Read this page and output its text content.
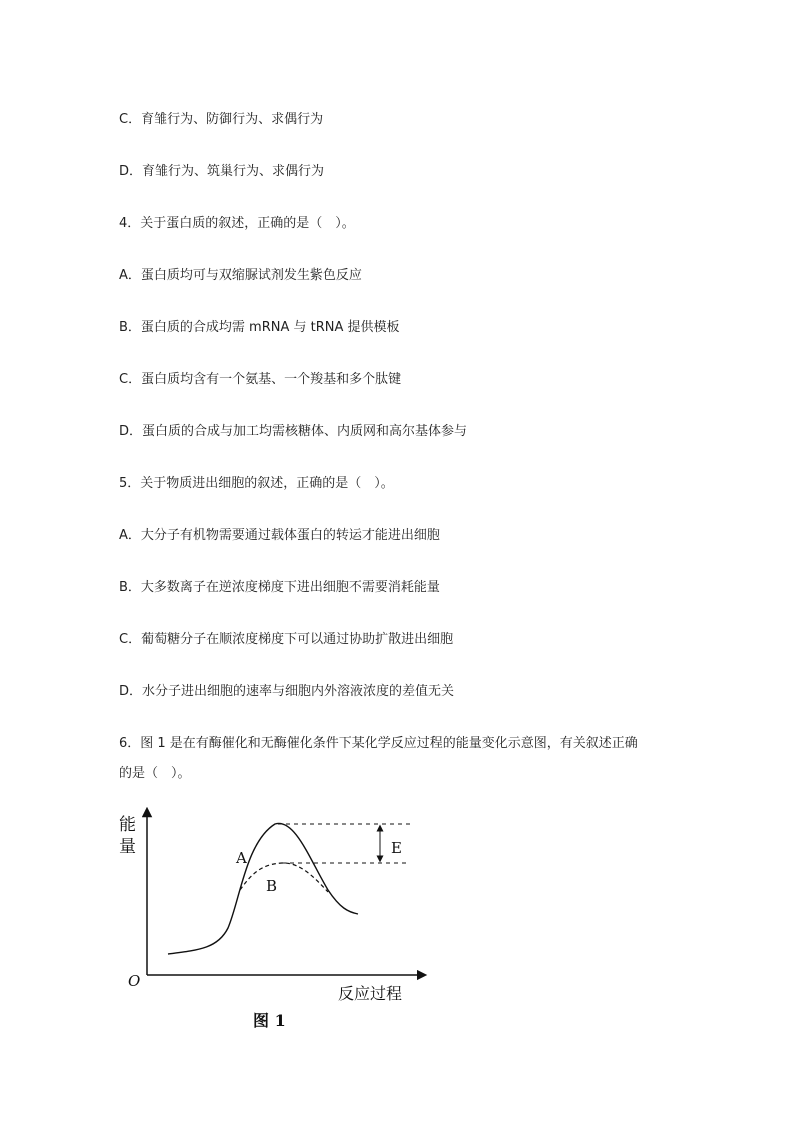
C．育雏行为、防御行为、求偶行为
D．育雏行为、筑巢行为、求偶行为
4．关于蛋白质的叙述，正确的是（　）。
A．蛋白质均可与双缩脲试剂发生紫色反应
B．蛋白质的合成均需 mRNA 与 tRNA 提供模板
C．蛋白质均含有一个氨基、一个羧基和多个肽键
D．蛋白质的合成与加工均需核糖体、内质网和高尔基体参与
5．关于物质进出细胞的叙述，正确的是（　）。
A．大分子有机物需要通过载体蛋白的转运才能进出细胞
B．大多数离子在逆浓度梯度下进出细胞不需要消耗能量
C．葡萄糖分子在顺浓度梯度下可以通过协助扩散进出细胞
D．水分子进出细胞的速率与细胞内外溶液浓度的差值无关
6．图 1 是在有酶催化和无酶催化条件下某化学反应过程的能量变化示意图，有关叙述正确
的是（　）。
能
量
O
反应过程
A
B
E
图 1
